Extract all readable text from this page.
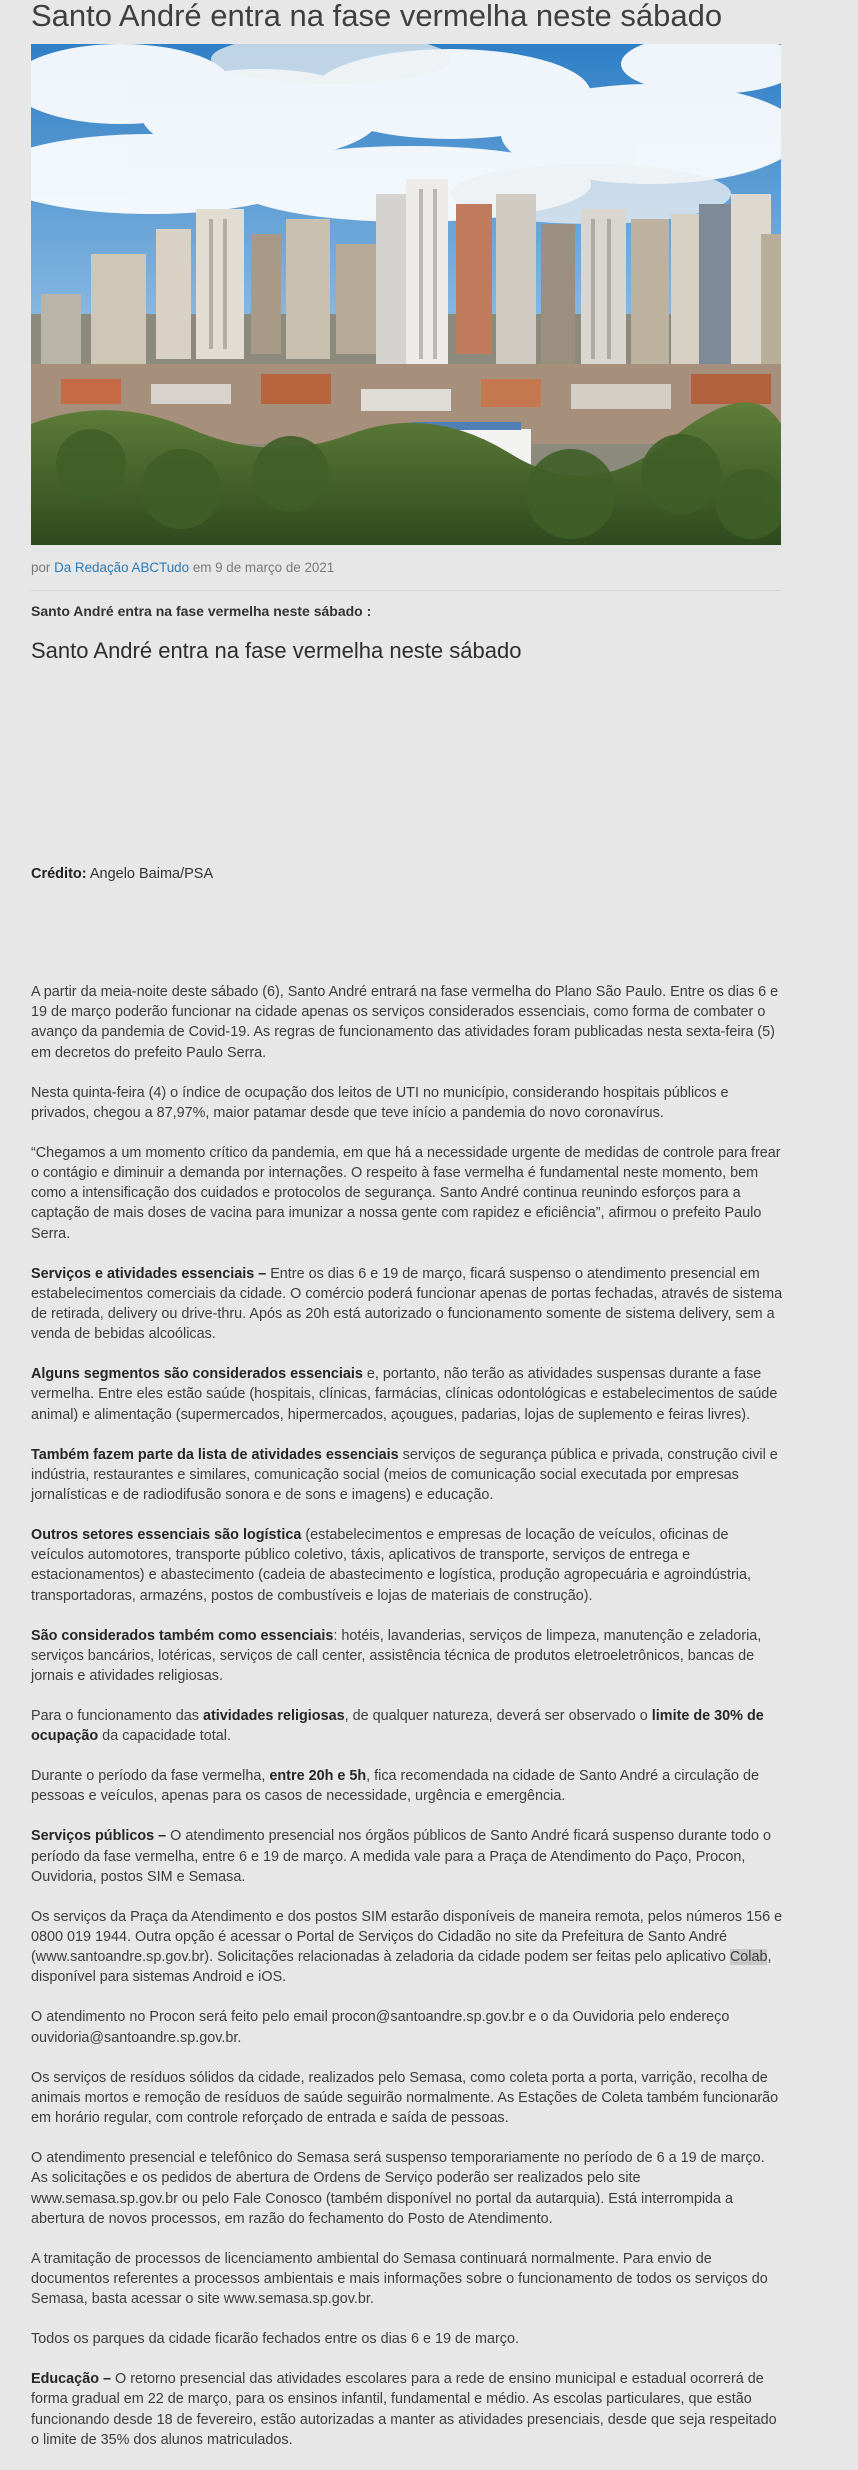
Santo André entra na fase vermelha neste sábado
por Da Redação ABCTudo em 9 de março de 2021
Santo André entra na fase vermelha neste sábado :
Santo André entra na fase vermelha neste sábado
Crédito: Angelo Baima/PSA

A partir da meia-noite deste sábado (6), Santo André entrará na fase vermelha do Plano São Paulo. Entre os dias 6 e 19 de março poderão funcionar na cidade apenas os serviços considerados essenciais, como forma de combater o avanço da pandemia de Covid-19. As regras de funcionamento das atividades foram publicadas nesta sexta-feira (5) em decretos do prefeito Paulo Serra.

Nesta quinta-feira (4) o índice de ocupação dos leitos de UTI no município, considerando hospitais públicos e privados, chegou a 87,97%, maior patamar desde que teve início a pandemia do novo coronavírus.

“Chegamos a um momento crítico da pandemia, em que há a necessidade urgente de medidas de controle para frear o contágio e diminuir a demanda por internações. O respeito à fase vermelha é fundamental neste momento, bem como a intensificação dos cuidados e protocolos de segurança. Santo André continua reunindo esforços para a captação de mais doses de vacina para imunizar a nossa gente com rapidez e eficiência”, afirmou o prefeito Paulo Serra.

Serviços e atividades essenciais – Entre os dias 6 e 19 de março, ficará suspenso o atendimento presencial em estabelecimentos comerciais da cidade. O comércio poderá funcionar apenas de portas fechadas, através de sistema de retirada, delivery ou drive-thru. Após as 20h está autorizado o funcionamento somente de sistema delivery, sem a venda de bebidas alcoólicas.

Alguns segmentos são considerados essenciais e, portanto, não terão as atividades suspensas durante a fase vermelha. Entre eles estão saúde (hospitais, clínicas, farmácias, clínicas odontológicas e estabelecimentos de saúde animal) e alimentação (supermercados, hipermercados, açougues, padarias, lojas de suplemento e feiras livres).

Também fazem parte da lista de atividades essenciais serviços de segurança pública e privada, construção civil e indústria, restaurantes e similares, comunicação social (meios de comunicação social executada por empresas jornalísticas e de radiodifusão sonora e de sons e imagens) e educação.

Outros setores essenciais são logística (estabelecimentos e empresas de locação de veículos, oficinas de veículos automotores, transporte público coletivo, táxis, aplicativos de transporte, serviços de entrega e estacionamentos) e abastecimento (cadeia de abastecimento e logística, produção agropecuária e agroindústria, transportadoras, armazéns, postos de combustíveis e lojas de materiais de construção).

São considerados também como essenciais: hotéis, lavanderias, serviços de limpeza, manutenção e zeladoria, serviços bancários, lotéricas, serviços de call center, assistência técnica de produtos eletroeletrônicos, bancas de jornais e atividades religiosas.

Para o funcionamento das atividades religiosas, de qualquer natureza, deverá ser observado o limite de 30% de ocupação da capacidade total.

Durante o período da fase vermelha, entre 20h e 5h, fica recomendada na cidade de Santo André a circulação de pessoas e veículos, apenas para os casos de necessidade, urgência e emergência.

Serviços públicos – O atendimento presencial nos órgãos públicos de Santo André ficará suspenso durante todo o período da fase vermelha, entre 6 e 19 de março. A medida vale para a Praça de Atendimento do Paço, Procon, Ouvidoria, postos SIM e Semasa.

Os serviços da Praça da Atendimento e dos postos SIM estarão disponíveis de maneira remota, pelos números 156 e 0800 019 1944. Outra opção é acessar o Portal de Serviços do Cidadão no site da Prefeitura de Santo André (www.santoandre.sp.gov.br). Solicitações relacionadas à zeladoria da cidade podem ser feitas pelo aplicativo Colab, disponível para sistemas Android e iOS.

O atendimento no Procon será feito pelo email procon@santoandre.sp.gov.br e o da Ouvidoria pelo endereço ouvidoria@santoandre.sp.gov.br.

Os serviços de resíduos sólidos da cidade, realizados pelo Semasa, como coleta porta a porta, varrição, recolha de animais mortos e remoção de resíduos de saúde seguirão normalmente. As Estações de Coleta também funcionarão em horário regular, com controle reforçado de entrada e saída de pessoas.

O atendimento presencial e telefônico do Semasa será suspenso temporariamente no período de 6 a 19 de março. As solicitações e os pedidos de abertura de Ordens de Serviço poderão ser realizados pelo site www.semasa.sp.gov.br ou pelo Fale Conosco (também disponível no portal da autarquia). Está interrompida a abertura de novos processos, em razão do fechamento do Posto de Atendimento.

A tramitação de processos de licenciamento ambiental do Semasa continuará normalmente. Para envio de documentos referentes a processos ambientais e mais informações sobre o funcionamento de todos os serviços do Semasa, basta acessar o site www.semasa.sp.gov.br.

Todos os parques da cidade ficarão fechados entre os dias 6 e 19 de março.

Educação – O retorno presencial das atividades escolares para a rede de ensino municipal e estadual ocorrerá de forma gradual em 22 de março, para os ensinos infantil, fundamental e médio. As escolas particulares, que estão funcionando desde 18 de fevereiro, estão autorizadas a manter as atividades presenciais, desde que seja respeitado o limite de 35% dos alunos matriculados.
